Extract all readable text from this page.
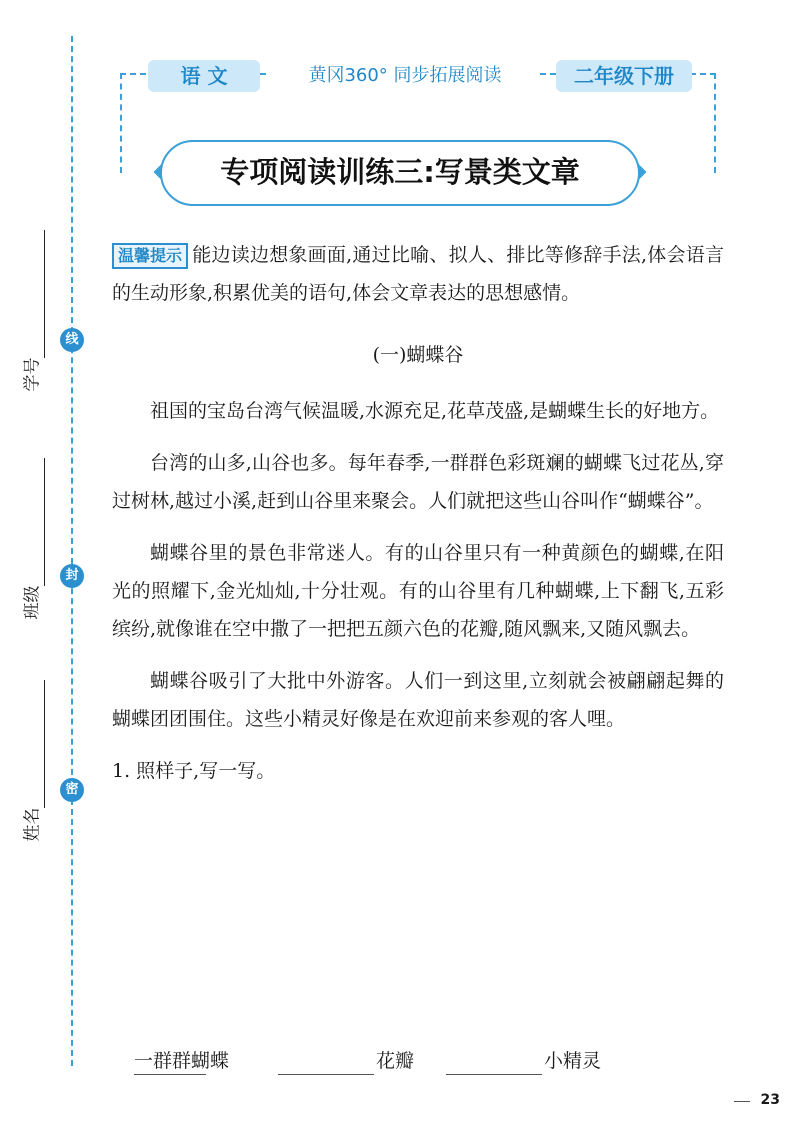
学号
班级
姓名
线
封
密
语 文	黄冈360° 同步拓展阅读	二年级下册
专项阅读训练三:写景类文章
温馨提示 能边读边想象画面,通过比喻、拟人、排比等修辞手法,体会语言的生动形象,积累优美的语句,体会文章表达的思想感情。

(一)蝴蝶谷

祖国的宝岛台湾气候温暖,水源充足,花草茂盛,是蝴蝶生长的好地方。

台湾的山多,山谷也多。每年春季,一群群色彩斑斓的蝴蝶飞过花丛,穿过树林,越过小溪,赶到山谷里来聚会。人们就把这些山谷叫作“蝴蝶谷”。

蝴蝶谷里的景色非常迷人。有的山谷里只有一种黄颜色的蝴蝶,在阳光的照耀下,金光灿灿,十分壮观。有的山谷里有几种蝴蝶,上下翻飞,五彩缤纷,就像谁在空中撒了一把把五颜六色的花瓣,随风飘来,又随风飘去。

蝴蝶谷吸引了大批中外游客。人们一到这里,立刻就会被翩翩起舞的蝴蝶团团围住。这些小精灵好像是在欢迎前来参观的客人哩。

1. 照样子,写一写。

一群群蝴蝶	花瓣	小精灵
23
